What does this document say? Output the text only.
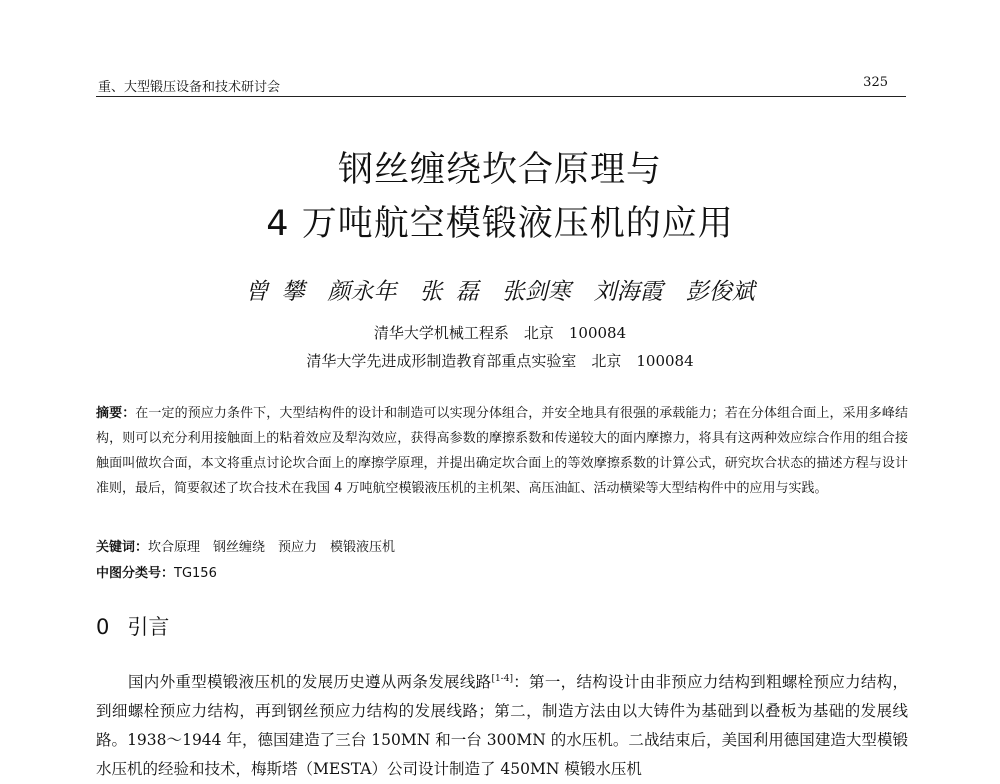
重、大型锻压设备和技术研讨会	325
钢丝缠绕坎合原理与
4 万吨航空模锻液压机的应用
曾 攀　颜永年　张 磊　张剑寒　刘海霞　彭俊斌
清华大学机械工程系　北京　100084
清华大学先进成形制造教育部重点实验室　北京　100084
摘要：在一定的预应力条件下，大型结构件的设计和制造可以实现分体组合，并安全地具有很强的承载能力；若在分体组合面上，采用多峰结构，则可以充分利用接触面上的粘着效应及犁沟效应，获得高参数的摩擦系数和传递较大的面内摩擦力，将具有这两种效应综合作用的组合接触面叫做坎合面，本文将重点讨论坎合面上的摩擦学原理，并提出确定坎合面上的等效摩擦系数的计算公式，研究坎合状态的描述方程与设计准则，最后，简要叙述了坎合技术在我国 4 万吨航空模锻液压机的主机架、高压油缸、活动横梁等大型结构件中的应用与实践。
关键词：坎合原理　钢丝缠绕　预应力　模锻液压机
中图分类号：TG156
0 引言
国内外重型模锻液压机的发展历史遵从两条发展线路[1-4]：第一，结构设计由非预应力结构到粗螺栓预应力结构，到细螺栓预应力结构，再到钢丝预应力结构的发展线路；第二，制造方法由以大铸件为基础到以叠板为基础的发展线路。1938～1944 年，德国建造了三台 150MN 和一台 300MN 的水压机。二战结束后，美国利用德国建造大型模锻水压机的经验和技术，梅斯塔（MESTA）公司设计制造了 450MN 模锻水压机
